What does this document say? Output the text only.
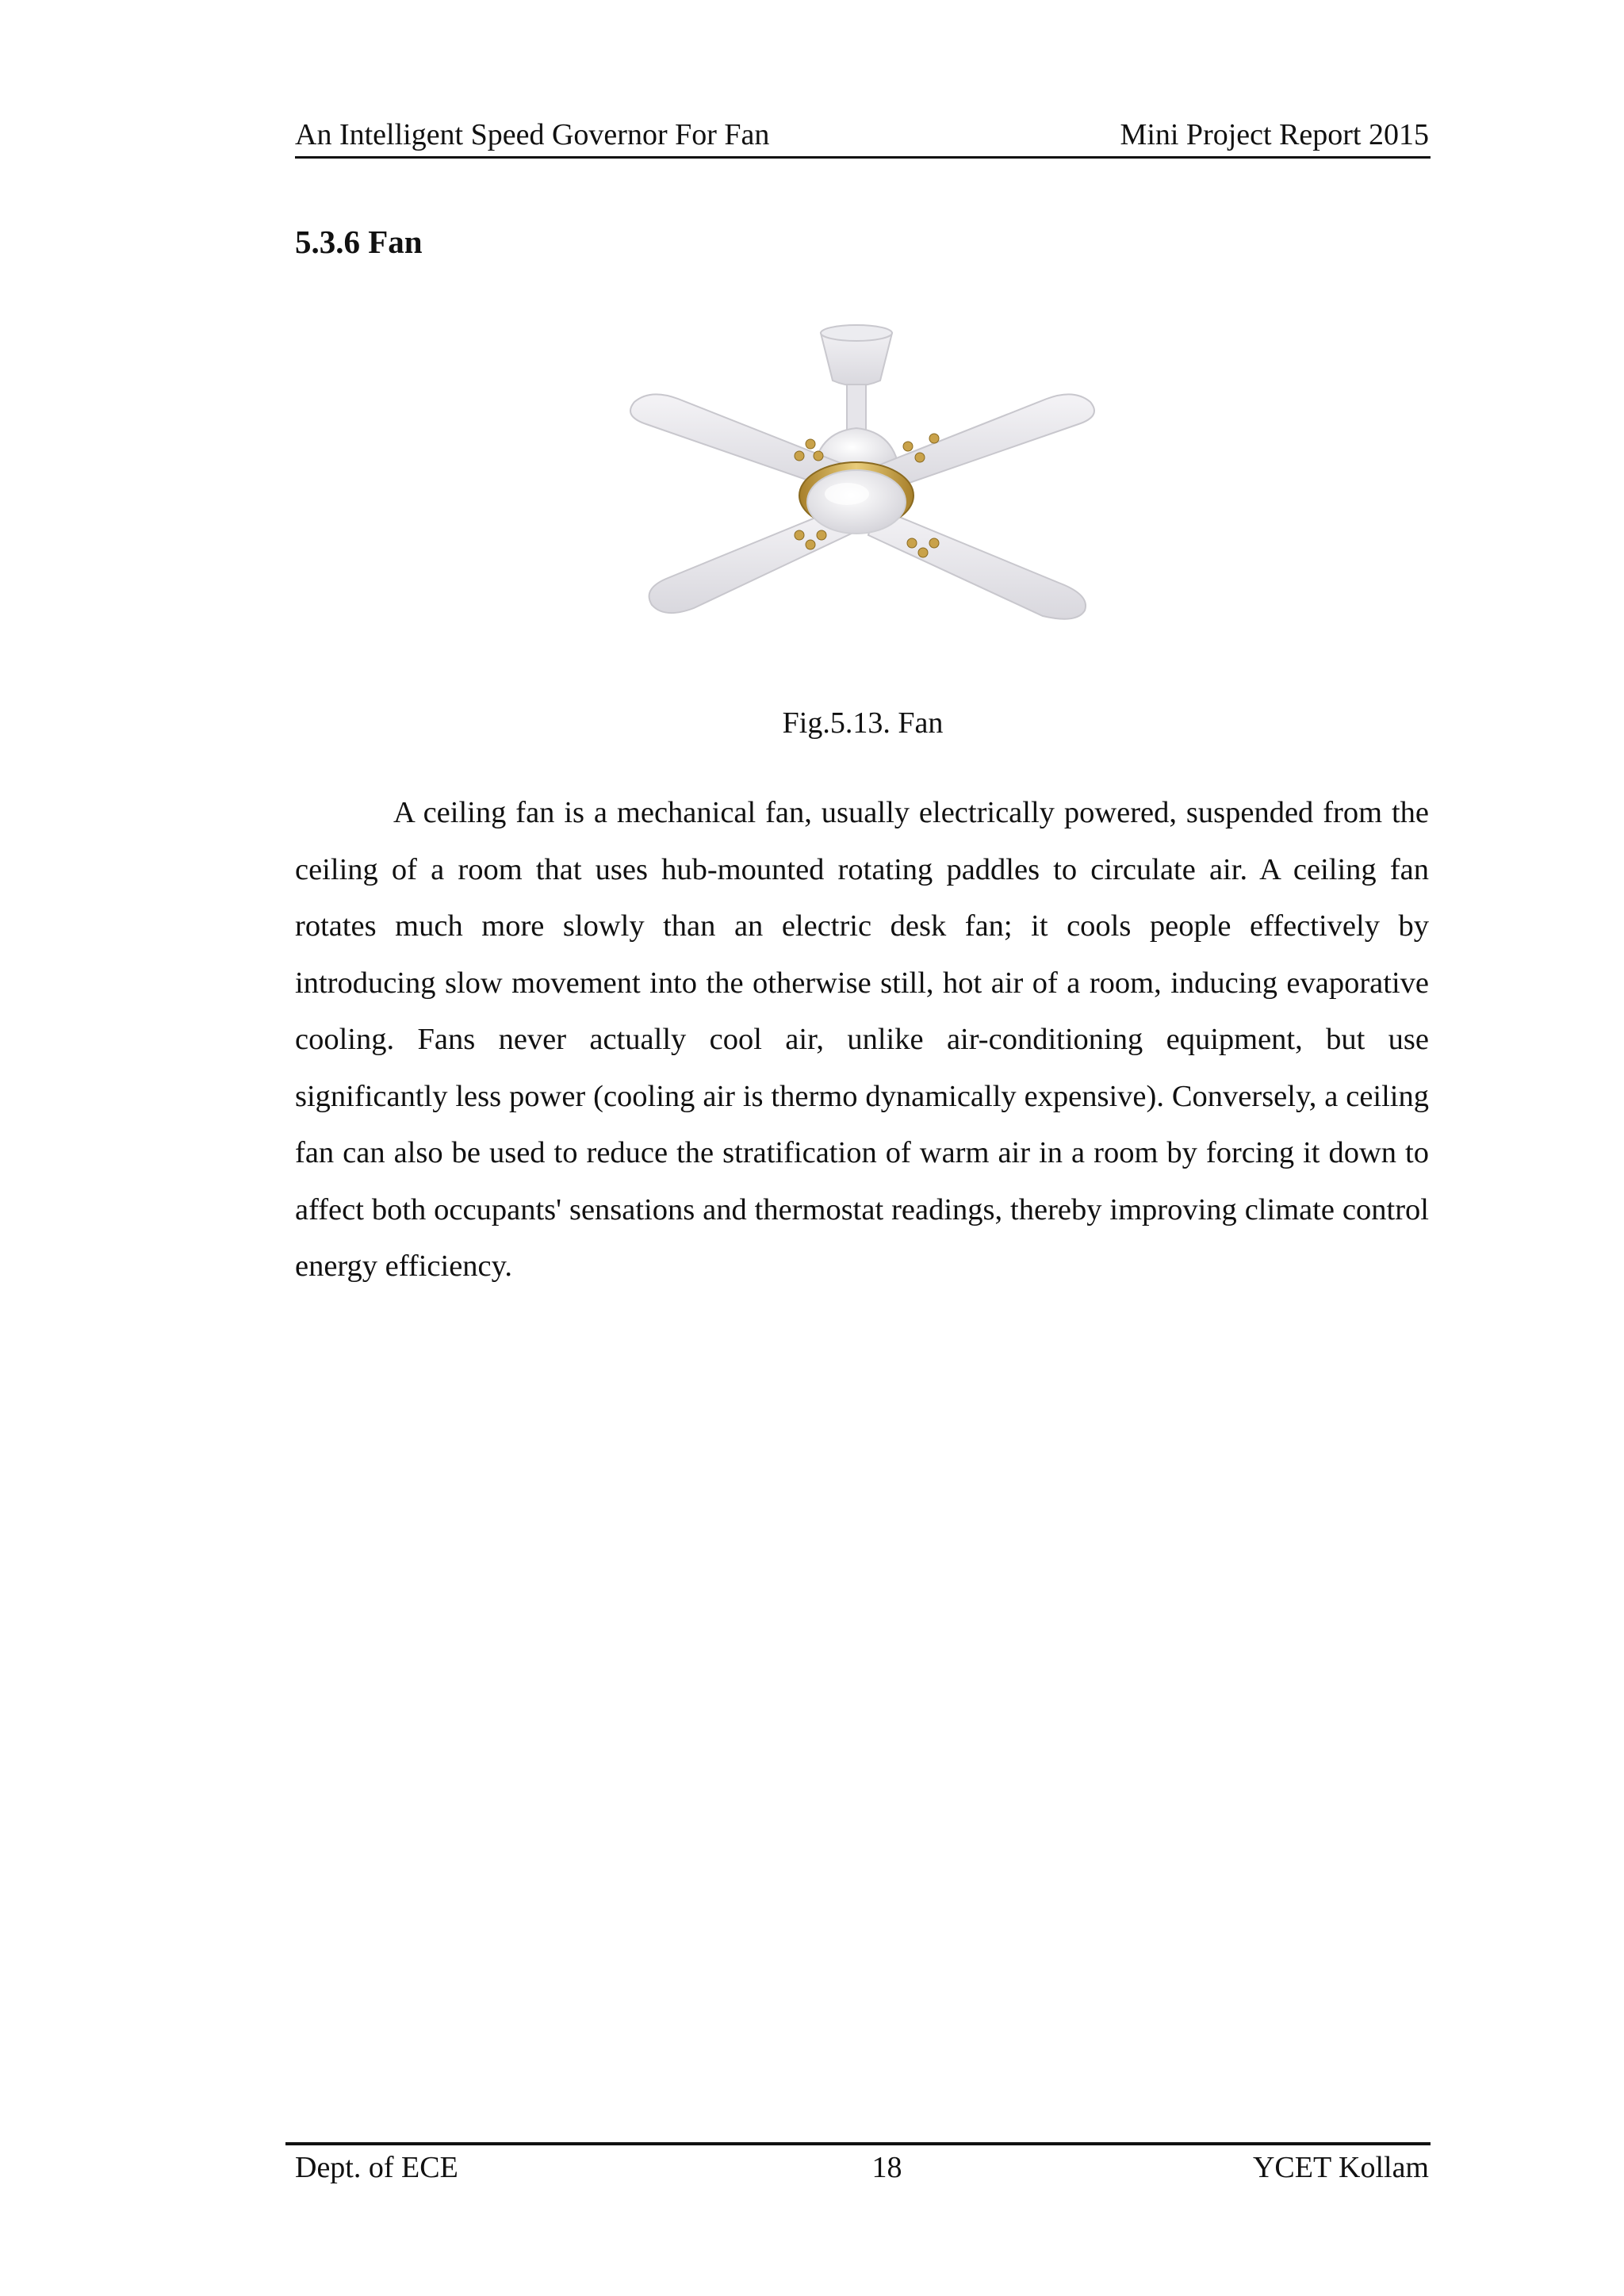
An Intelligent Speed Governor For Fan	Mini Project Report 2015
5.3.6 Fan
Fig.5.13. Fan

A ceiling fan is a mechanical fan, usually electrically powered, suspended from the ceiling of a room that uses hub-mounted rotating paddles to circulate air. A ceiling fan rotates much more slowly than an electric desk fan; it cools people effectively by introducing slow movement into the otherwise still, hot air of a room, inducing evaporative cooling. Fans never actually cool air, unlike air-conditioning equipment, but use significantly less power (cooling air is thermo dynamically expensive). Conversely, a ceiling fan can also be used to reduce the stratification of warm air in a room by forcing it down to affect both occupants' sensations and thermostat readings, thereby improving climate control energy efficiency.

Dept. of ECE	18	YCET Kollam
